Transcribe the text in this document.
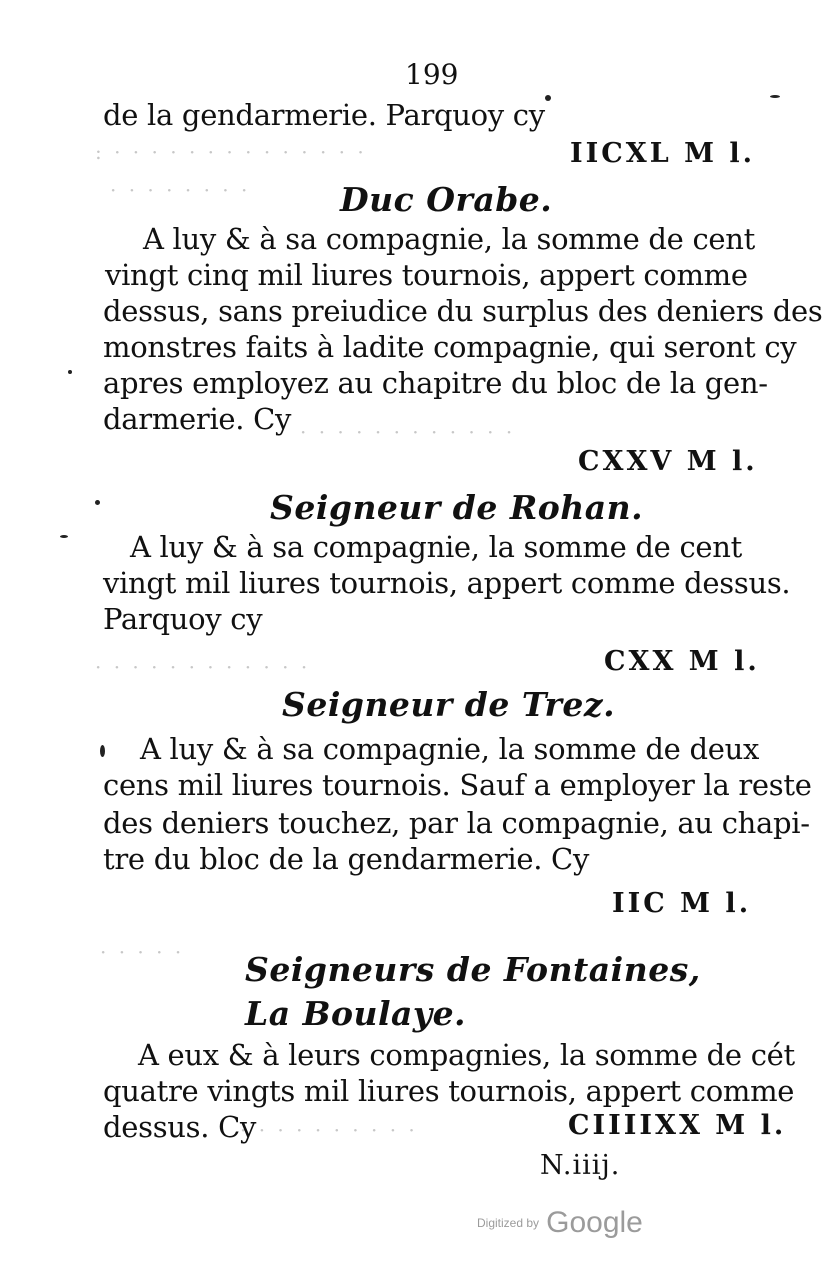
: · · · · · · · · · · · · · ·
· · · · · · · ·
· · · · · · · · · · · ·
· · · · · · · · · · · ·
· · · · ·
· · · · · · · · · ·
199
de la gendarmerie. Parquoy cy
IICXL M l.
Duc Orabe.
A luy & à sa compagnie, la somme de cent
vingt cinq mil liures tournois, appert comme
dessus, sans preiudice du surplus des deniers des
monstres faits à ladite compagnie, qui seront cy
apres employez au chapitre du bloc de la gen-
darmerie. Cy
CXXV M l.
Seigneur de Rohan.
A luy & à sa compagnie, la somme de cent
vingt mil liures tournois, appert comme dessus.
Parquoy cy
CXX M l.
Seigneur de Trez.
A luy & à sa compagnie, la somme de deux
cens mil liures tournois. Sauf a employer la reste
des deniers touchez, par la compagnie, au chapi-
tre du bloc de la gendarmerie. Cy
IIC M l.
Seigneurs de Fontaines,
La Boulaye.
A eux & à leurs compagnies, la somme de cét
quatre vingts mil liures tournois, appert comme
dessus. Cy	CIIIIXX M l.
N.iiij.
Digitized by Google
